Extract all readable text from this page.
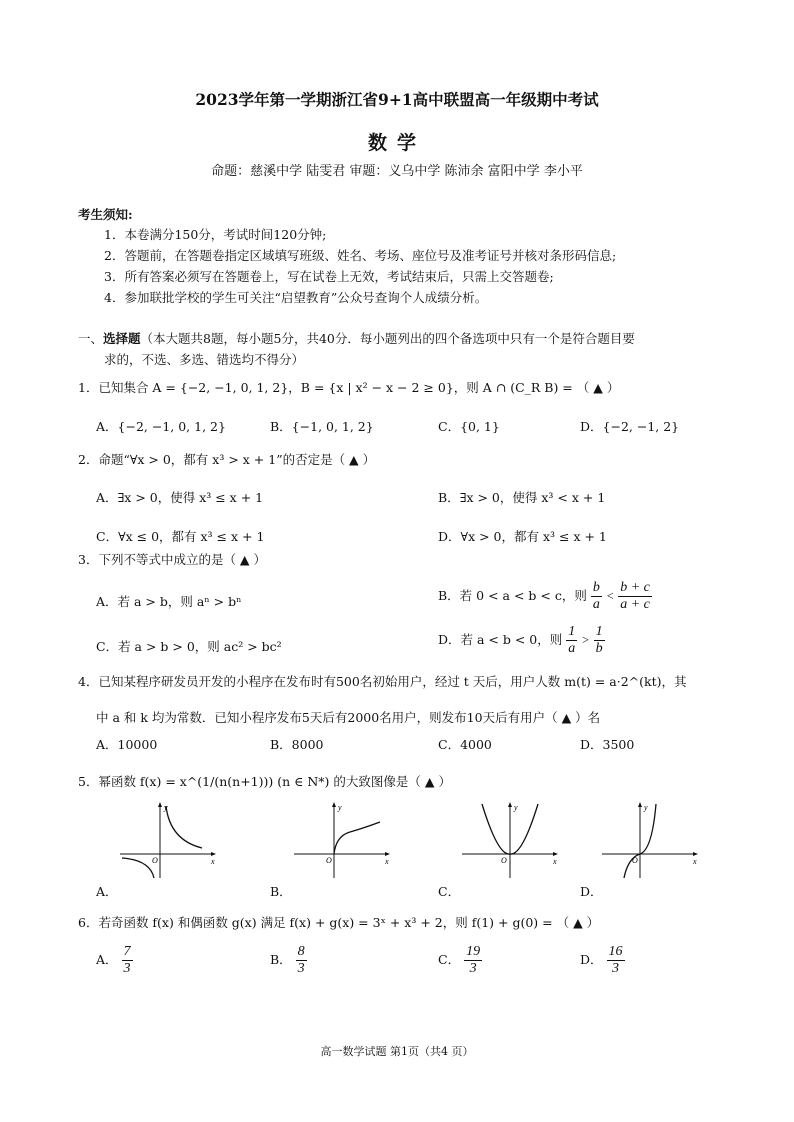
2023学年第一学期浙江省9+1高中联盟高一年级期中考试
数学
命题：慈溪中学 陆雯君 审题：义乌中学 陈沛余 富阳中学 李小平
考生须知:
1．本卷满分150分，考试时间120分钟;
2．答题前，在答题卷指定区域填写班级、姓名、考场、座位号及准考证号并核对条形码信息;
3．所有答案必须写在答题卷上，写在试卷上无效，考试结束后，只需上交答题卷;
4．参加联批学校的学生可关注“启望教育”公众号查询个人成绩分析。
一、选择题（本大题共8题，每小题5分，共40分．每小题列出的四个备选项中只有一个是符合题目要
求的，不选、多选、错选均不得分）
1．已知集合 A = {−2, −1, 0, 1, 2}，B = {x | x² − x − 2 ≥ 0}，则 A ∩ (C_R B) = （ ▲ ）
A．{−2, −1, 0, 1, 2}	B．{−1, 0, 1, 2}	C．{0, 1}	D．{−2, −1, 2}
2．命题“∀x > 0，都有 x³ > x + 1”的否定是（ ▲ ）
A．∃x > 0，使得 x³ ≤ x + 1	B．∃x > 0，使得 x³ < x + 1
C．∀x ≤ 0，都有 x³ ≤ x + 1	D．∀x > 0，都有 x³ ≤ x + 1
3．下列不等式中成立的是（ ▲ ）
A．若 a > b，则 aⁿ > bⁿ	B．若 0 < a < b < c，则 $\frac{b}{a} < \frac{b + c}{a + c}$
C．若 a > b > 0，则 ac² > bc²	D．若 a < b < 0，则 $\frac{1}{a} > \frac{1}{b}$
4．已知某程序研发员开发的小程序在发布时有500名初始用户，经过 t 天后，用户人数 m(t) = a·2^(kt)，其
中 a 和 k 均为常数．已知小程序发布5天后有2000名用户，则发布10天后有用户（ ▲ ）名
A．10000	B．8000	C．4000	D．3500
5．幂函数 f(x) = x^(1/(n(n+1))) (n ∈ N*) 的大致图像是（ ▲ ）
y
x
O
A．
y
x
O
B．
y
x
O
C．
y
x
O
D．
6．若奇函数 f(x) 和偶函数 g(x) 满足 f(x) + g(x) = 3ˣ + x³ + 2，则 f(1) + g(0) = （ ▲ ）
A． $\frac{7}{3}$	B． $\frac{8}{3}$	C． $\frac{19}{3}$	D． $\frac{16}{3}$
高一数学试题 第1页（共4 页）
